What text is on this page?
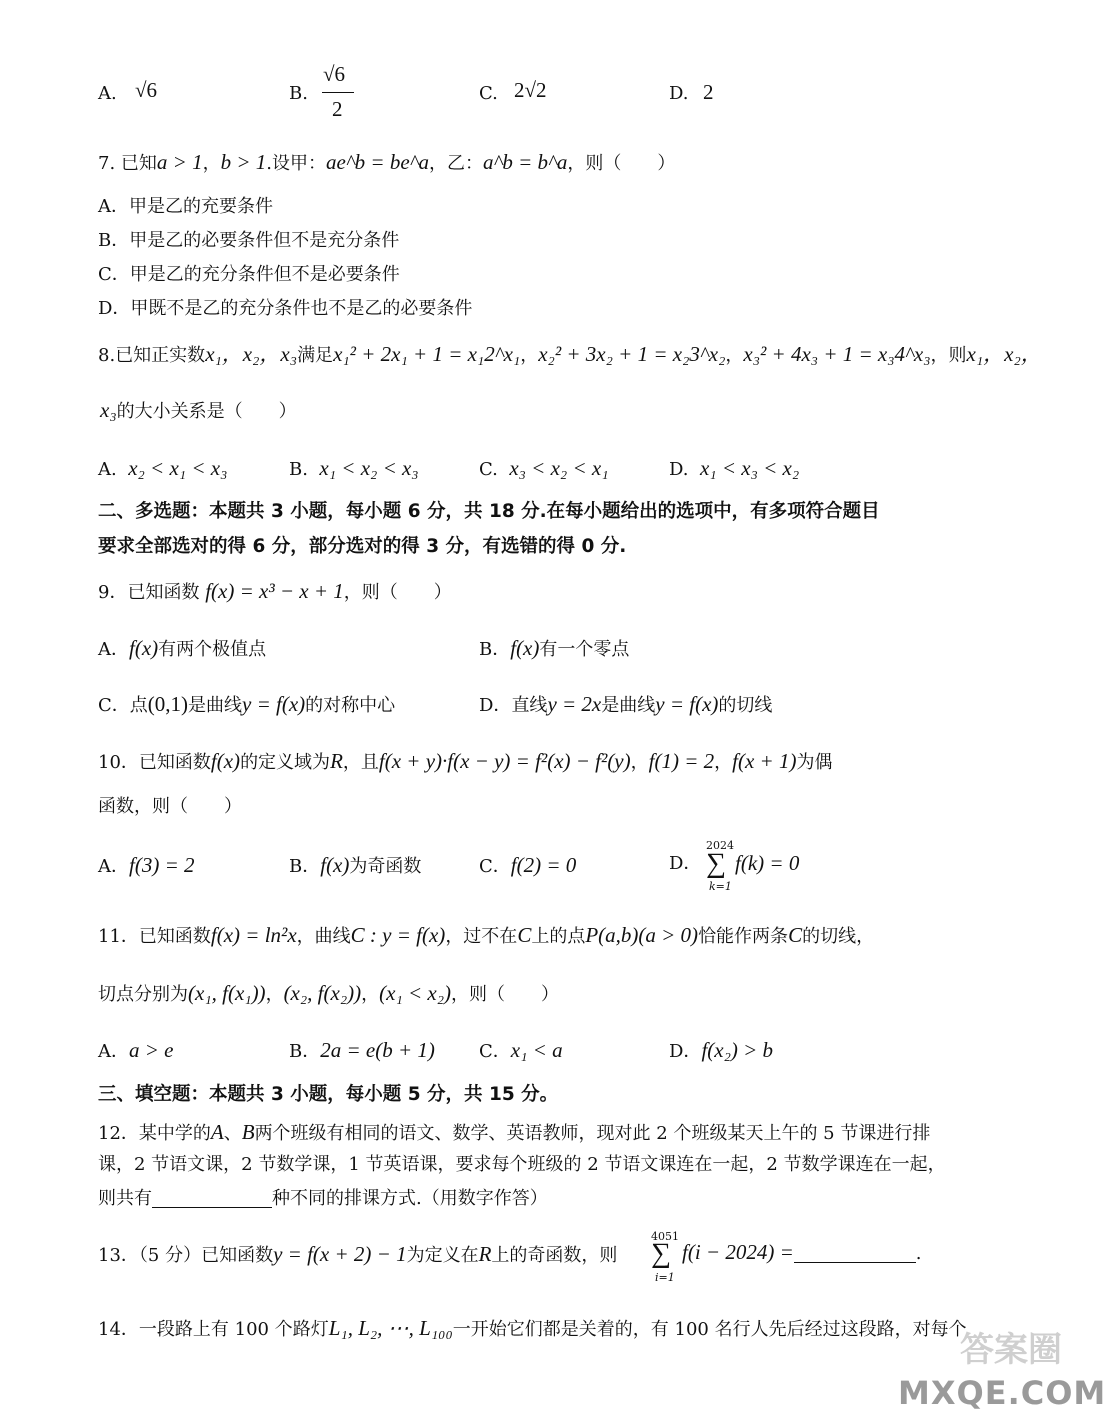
A. √6	B.
√6
2
C. 2√2	D. 2
7. 已知a > 1，b > 1.设甲：ae^b = be^a，乙：a^b = b^a，则（　　）
A．甲是乙的充要条件
B．甲是乙的必要条件但不是充分条件
C．甲是乙的充分条件但不是必要条件
D．甲既不是乙的充分条件也不是乙的必要条件
8.已知正实数x₁，x₂，x₃满足x₁² + 2x₁ + 1 = x₁2^x₁，x₂² + 3x₂ + 1 = x₂3^x₂，x₃² + 4x₃ + 1 = x₃4^x₃，则x₁，x₂，
x₃的大小关系是（　　）
A. x₂ < x₁ < x₃	B. x₁ < x₂ < x₃	C. x₃ < x₂ < x₁	D. x₁ < x₃ < x₂
二、多选题：本题共 3 小题，每小题 6 分，共 18 分.在每小题给出的选项中，有多项符合题目
要求全部选对的得 6 分，部分选对的得 3 分，有选错的得 0 分.
9．已知函数 f(x) = x³ − x + 1，则（　　）
A．f(x)有两个极值点	B．f(x)有一个零点
C．点(0,1)是曲线y = f(x)的对称中心	D．直线y = 2x是曲线y = f(x)的切线
10．已知函数f(x)的定义域为R，且f(x + y)·f(x − y) = f²(x) − f²(y)，f(1) = 2，f(x + 1)为偶
函数，则（　　）
A．f(3) = 2	B．f(x)为奇函数	C．f(2) = 0	D．
2024
∑
k=1
f(k) = 0
11．已知函数f(x) = ln²x，曲线C : y = f(x)，过不在C上的点P(a,b)(a > 0)恰能作两条C的切线，
切点分别为(x₁, f(x₁))，(x₂, f(x₂))，(x₁ < x₂)，则（　　）
A．a > e	B．2a = e(b + 1) C．x₁ < a	D．f(x₂) > b
三、填空题：本题共 3 小题，每小题 5 分，共 15 分。
12．某中学的A、B两个班级有相同的语文、数学、英语教师，现对此 2 个班级某天上午的 5 节课进行排
课，2 节语文课，2 节数学课，1 节英语课，要求每个班级的 2 节语文课连在一起，2 节数学课连在一起，
则共有	种不同的排课方式.（用数字作答）
13．（5 分）已知函数y = f(x + 2) − 1为定义在R上的奇函数，则
4051
∑
i=1
f(i − 2024) =	.
14．一段路上有 100 个路灯L₁, L₂, ⋯, L₁₀₀一开始它们都是关着的，有 100 名行人先后经过这段路，对每个
答案圈
MXQE.COM
